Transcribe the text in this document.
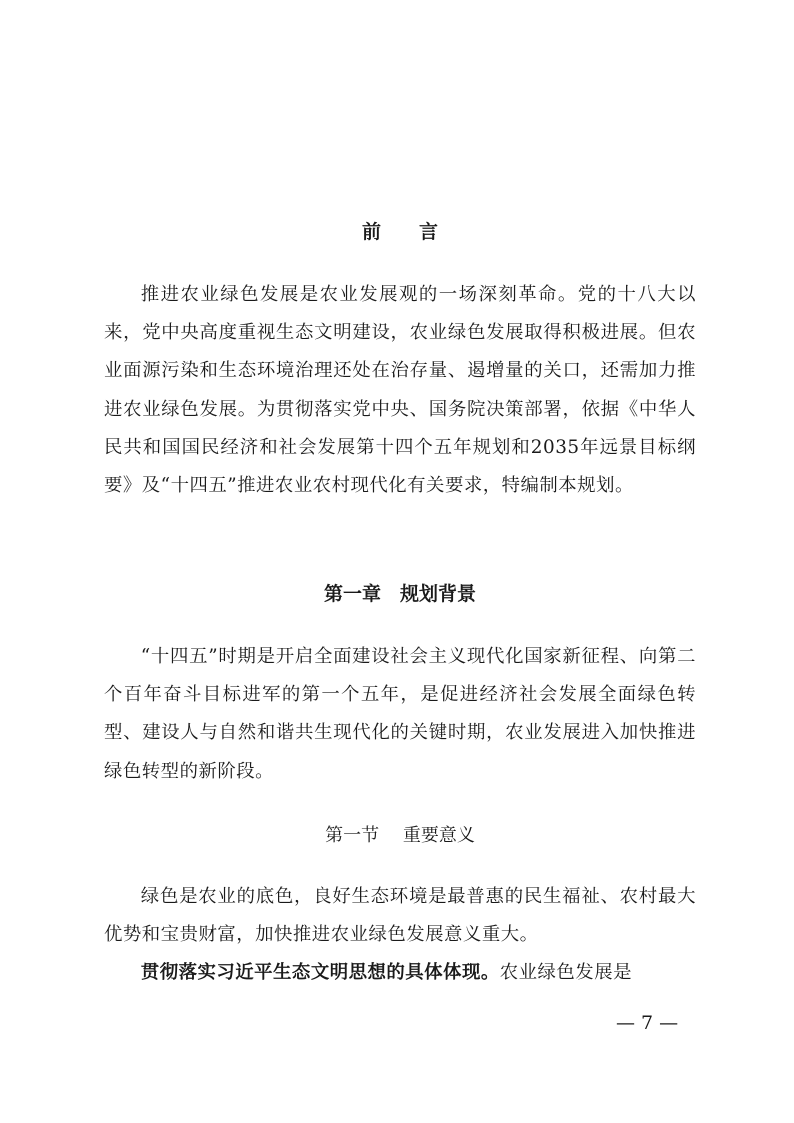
前　　言

推进农业绿色发展是农业发展观的一场深刻革命。党的十八大以来，党中央高度重视生态文明建设，农业绿色发展取得积极进展。但农业面源污染和生态环境治理还处在治存量、遏增量的关口，还需加力推进农业绿色发展。为贯彻落实党中央、国务院决策部署，依据《中华人民共和国国民经济和社会发展第十四个五年规划和2035年远景目标纲要》及“十四五”推进农业农村现代化有关要求，特编制本规划。

第一章　规划背景

“十四五”时期是开启全面建设社会主义现代化国家新征程、向第二个百年奋斗目标进军的第一个五年，是促进经济社会发展全面绿色转型、建设人与自然和谐共生现代化的关键时期，农业发展进入加快推进绿色转型的新阶段。

第一节　 重要意义

绿色是农业的底色，良好生态环境是最普惠的民生福祉、农村最大优势和宝贵财富，加快推进农业绿色发展意义重大。

贯彻落实习近平生态文明思想的具体体现。农业绿色发展是

— 7 —
